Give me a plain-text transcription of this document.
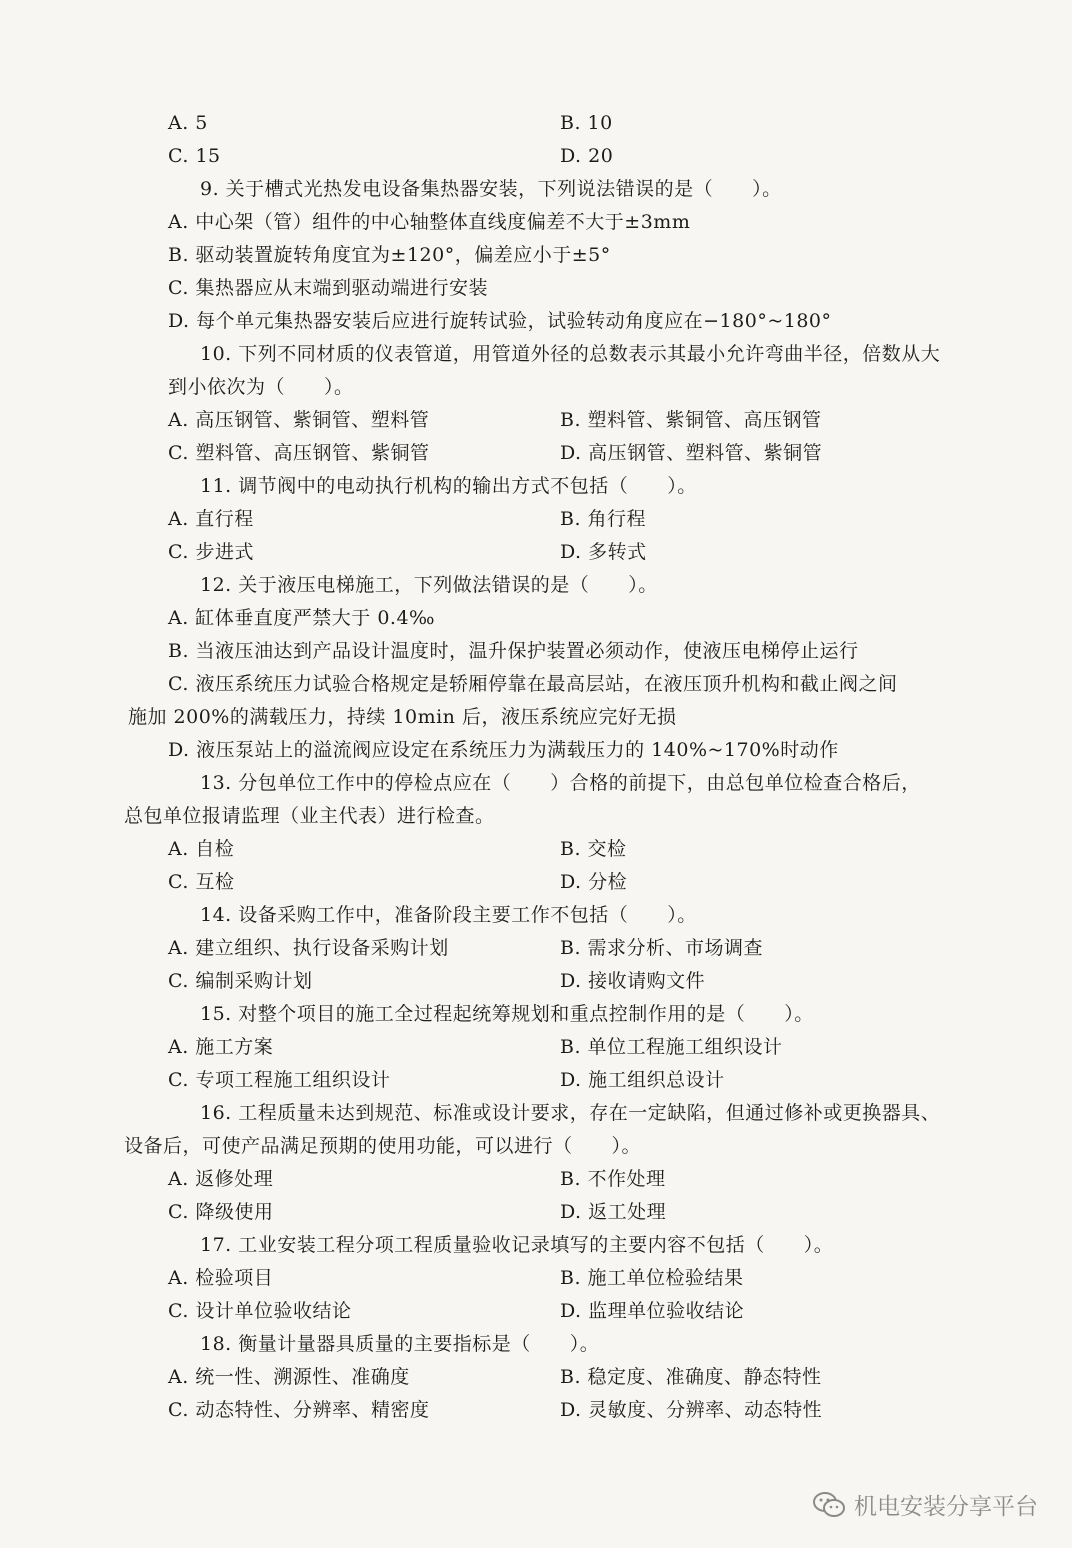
A. 5	B. 10
C. 15	D. 20
9. 关于槽式光热发电设备集热器安装，下列说法错误的是（　　）。
A. 中心架（管）组件的中心轴整体直线度偏差不大于±3mm
B. 驱动装置旋转角度宜为±120°，偏差应小于±5°
C. 集热器应从末端到驱动端进行安装
D. 每个单元集热器安装后应进行旋转试验，试验转动角度应在−180°~180°
10. 下列不同材质的仪表管道，用管道外径的总数表示其最小允许弯曲半径，倍数从大
到小依次为（　　）。
A. 高压钢管、紫铜管、塑料管	B. 塑料管、紫铜管、高压钢管
C. 塑料管、高压钢管、紫铜管	D. 高压钢管、塑料管、紫铜管
11. 调节阀中的电动执行机构的输出方式不包括（　　）。
A. 直行程	B. 角行程
C. 步进式	D. 多转式
12. 关于液压电梯施工，下列做法错误的是（　　）。
A. 缸体垂直度严禁大于 0.4‰
B. 当液压油达到产品设计温度时，温升保护装置必须动作，使液压电梯停止运行
C. 液压系统压力试验合格规定是轿厢停靠在最高层站，在液压顶升机构和截止阀之间
施加 200%的满载压力，持续 10min 后，液压系统应完好无损
D. 液压泵站上的溢流阀应设定在系统压力为满载压力的 140%~170%时动作
13. 分包单位工作中的停检点应在（　　）合格的前提下，由总包单位检查合格后，
总包单位报请监理（业主代表）进行检查。
A. 自检	B. 交检
C. 互检	D. 分检
14. 设备采购工作中，准备阶段主要工作不包括（　　）。
A. 建立组织、执行设备采购计划	B. 需求分析、市场调查
C. 编制采购计划	D. 接收请购文件
15. 对整个项目的施工全过程起统筹规划和重点控制作用的是（　　）。
A. 施工方案	B. 单位工程施工组织设计
C. 专项工程施工组织设计	D. 施工组织总设计
16. 工程质量未达到规范、标准或设计要求，存在一定缺陷，但通过修补或更换器具、
设备后，可使产品满足预期的使用功能，可以进行（　　）。
A. 返修处理	B. 不作处理
C. 降级使用	D. 返工处理
17. 工业安装工程分项工程质量验收记录填写的主要内容不包括（　　）。
A. 检验项目	B. 施工单位检验结果
C. 设计单位验收结论	D. 监理单位验收结论
18. 衡量计量器具质量的主要指标是（　　）。
A. 统一性、溯源性、准确度	B. 稳定度、准确度、静态特性
C. 动态特性、分辨率、精密度	D. 灵敏度、分辨率、动态特性
机电安装分享平台
